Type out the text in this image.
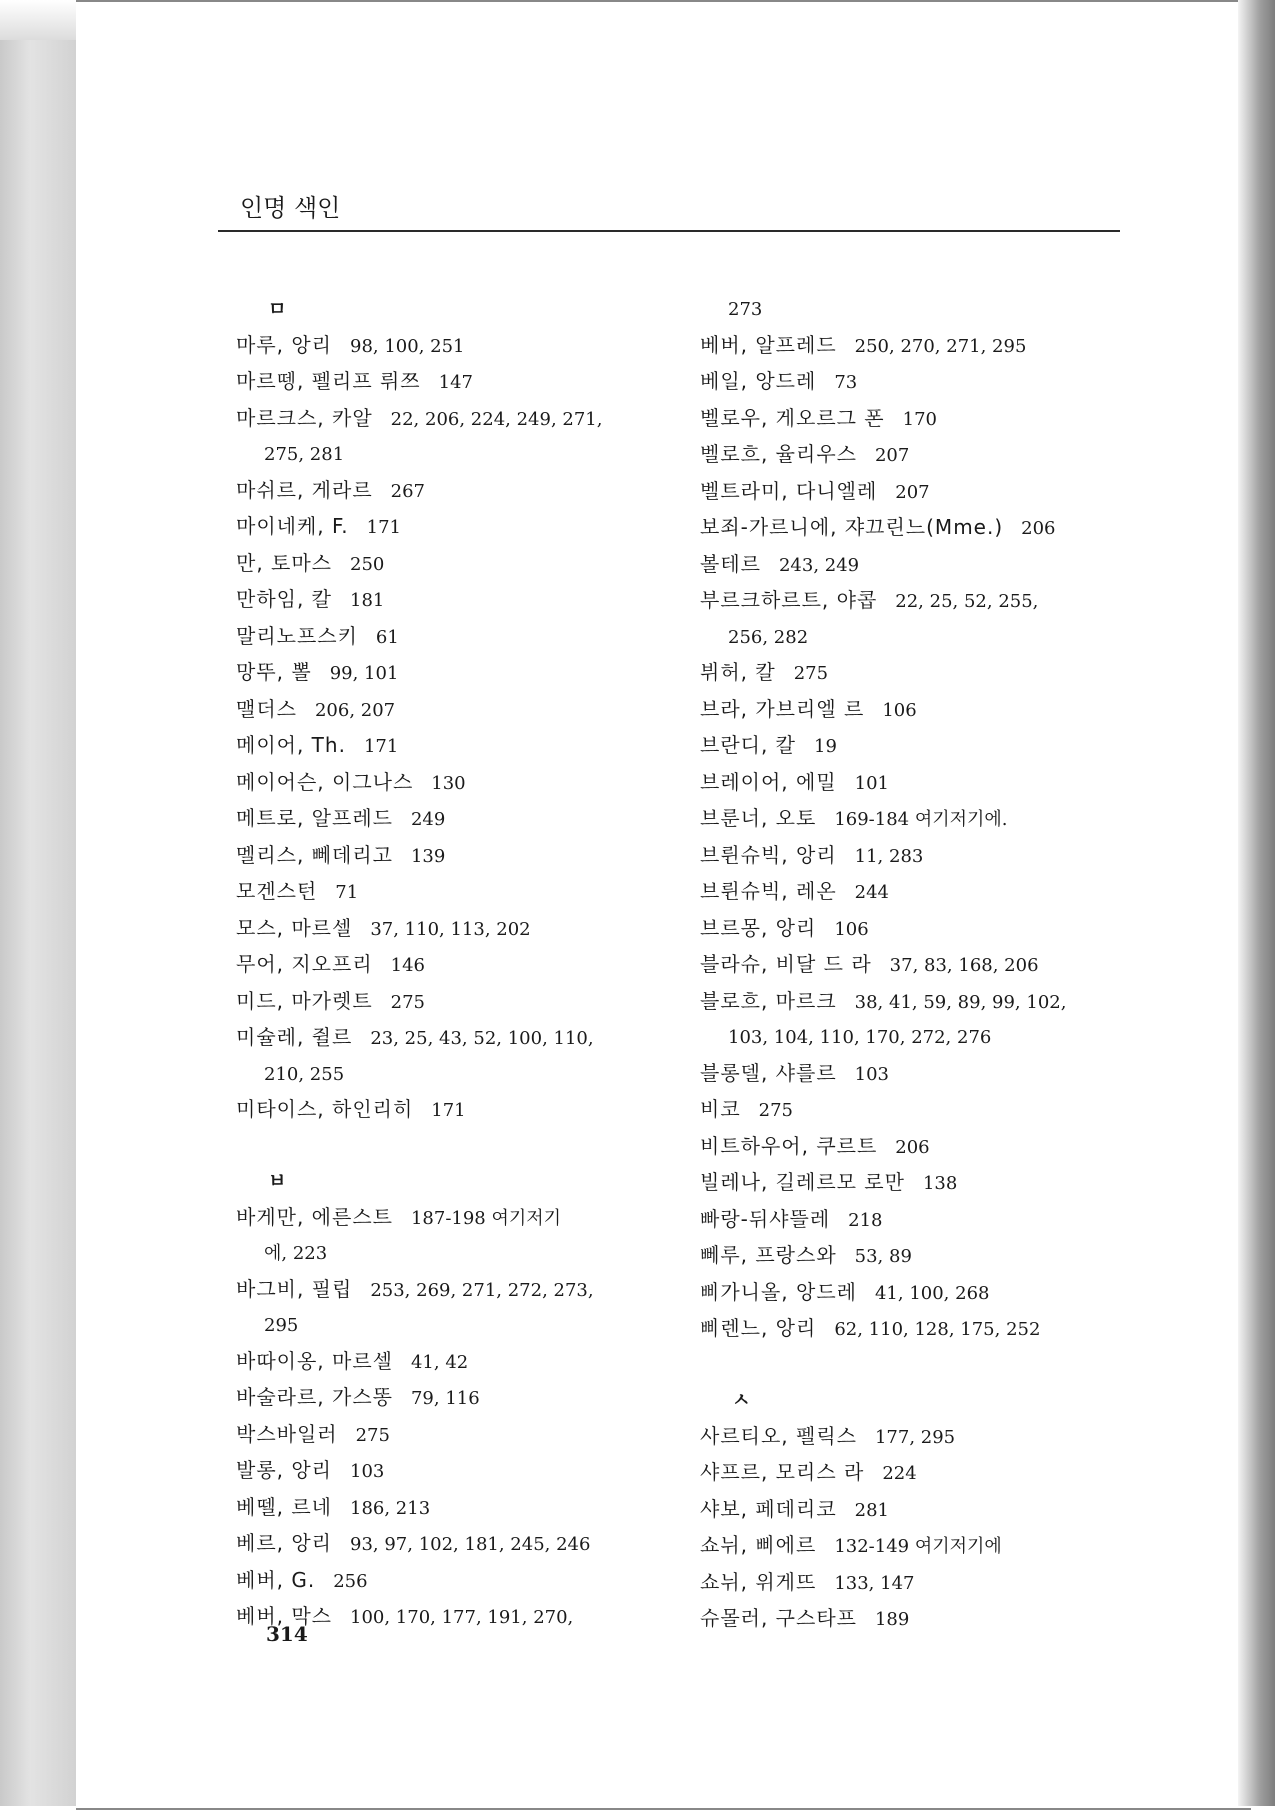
인명 색인
ㅁ
마루, 앙리 98, 100, 251
마르뗑, 펠리프 뤼쯔 147
마르크스, 카알 22, 206, 224, 249, 271,
275, 281
마쉬르, 게라르 267
마이네케, F. 171
만, 토마스 250
만하임, 칼 181
말리노프스키 61
망뚜, 뽈 99, 101
맬더스 206, 207
메이어, Th. 171
메이어슨, 이그나스 130
메트로, 알프레드 249
멜리스, 뻬데리고 139
모겐스턴 71
모스, 마르셀 37, 110, 113, 202
무어, 지오프리 146
미드, 마가렛트 275
미슐레, 쥘르 23, 25, 43, 52, 100, 110,
210, 255
미타이스, 하인리히 171
ㅂ
바게만, 에른스트 187-198 여기저기
에, 223
바그비, 필립 253, 269, 271, 272, 273,
295
바따이옹, 마르셀 41, 42
바술라르, 가스똥 79, 116
박스바일러 275
발롱, 앙리 103
베뗄, 르네 186, 213
베르, 앙리 93, 97, 102, 181, 245, 246
베버, G. 256
베버, 막스 100, 170, 177, 191, 270,
273
베버, 알프레드 250, 270, 271, 295
베일, 앙드레 73
벨로우, 게오르그 폰 170
벨로흐, 율리우스 207
벨트라미, 다니엘레 207
보죄-가르니에, 쟈끄린느(Mme.) 206
볼테르 243, 249
부르크하르트, 야콥 22, 25, 52, 255,
256, 282
뷔허, 칼 275
브라, 가브리엘 르 106
브란디, 칼 19
브레이어, 에밀 101
브룬너, 오토 169-184 여기저기에.
브륀슈빅, 앙리 11, 283
브륀슈빅, 레온 244
브르몽, 앙리 106
블라슈, 비달 드 라 37, 83, 168, 206
블로흐, 마르크 38, 41, 59, 89, 99, 102,
103, 104, 110, 170, 272, 276
블롱델, 샤를르 103
비코 275
비트하우어, 쿠르트 206
빌레나, 길레르모 로만 138
빠랑-뒤샤뜰레 218
뻬루, 프랑스와 53, 89
삐가니올, 앙드레 41, 100, 268
삐렌느, 앙리 62, 110, 128, 175, 252
ㅅ
사르티오, 펠릭스 177, 295
샤프르, 모리스 라 224
샤보, 페데리코 281
쇼뉘, 삐에르 132-149 여기저기에
쇼뉘, 위게뜨 133, 147
슈몰러, 구스타프 189
314
